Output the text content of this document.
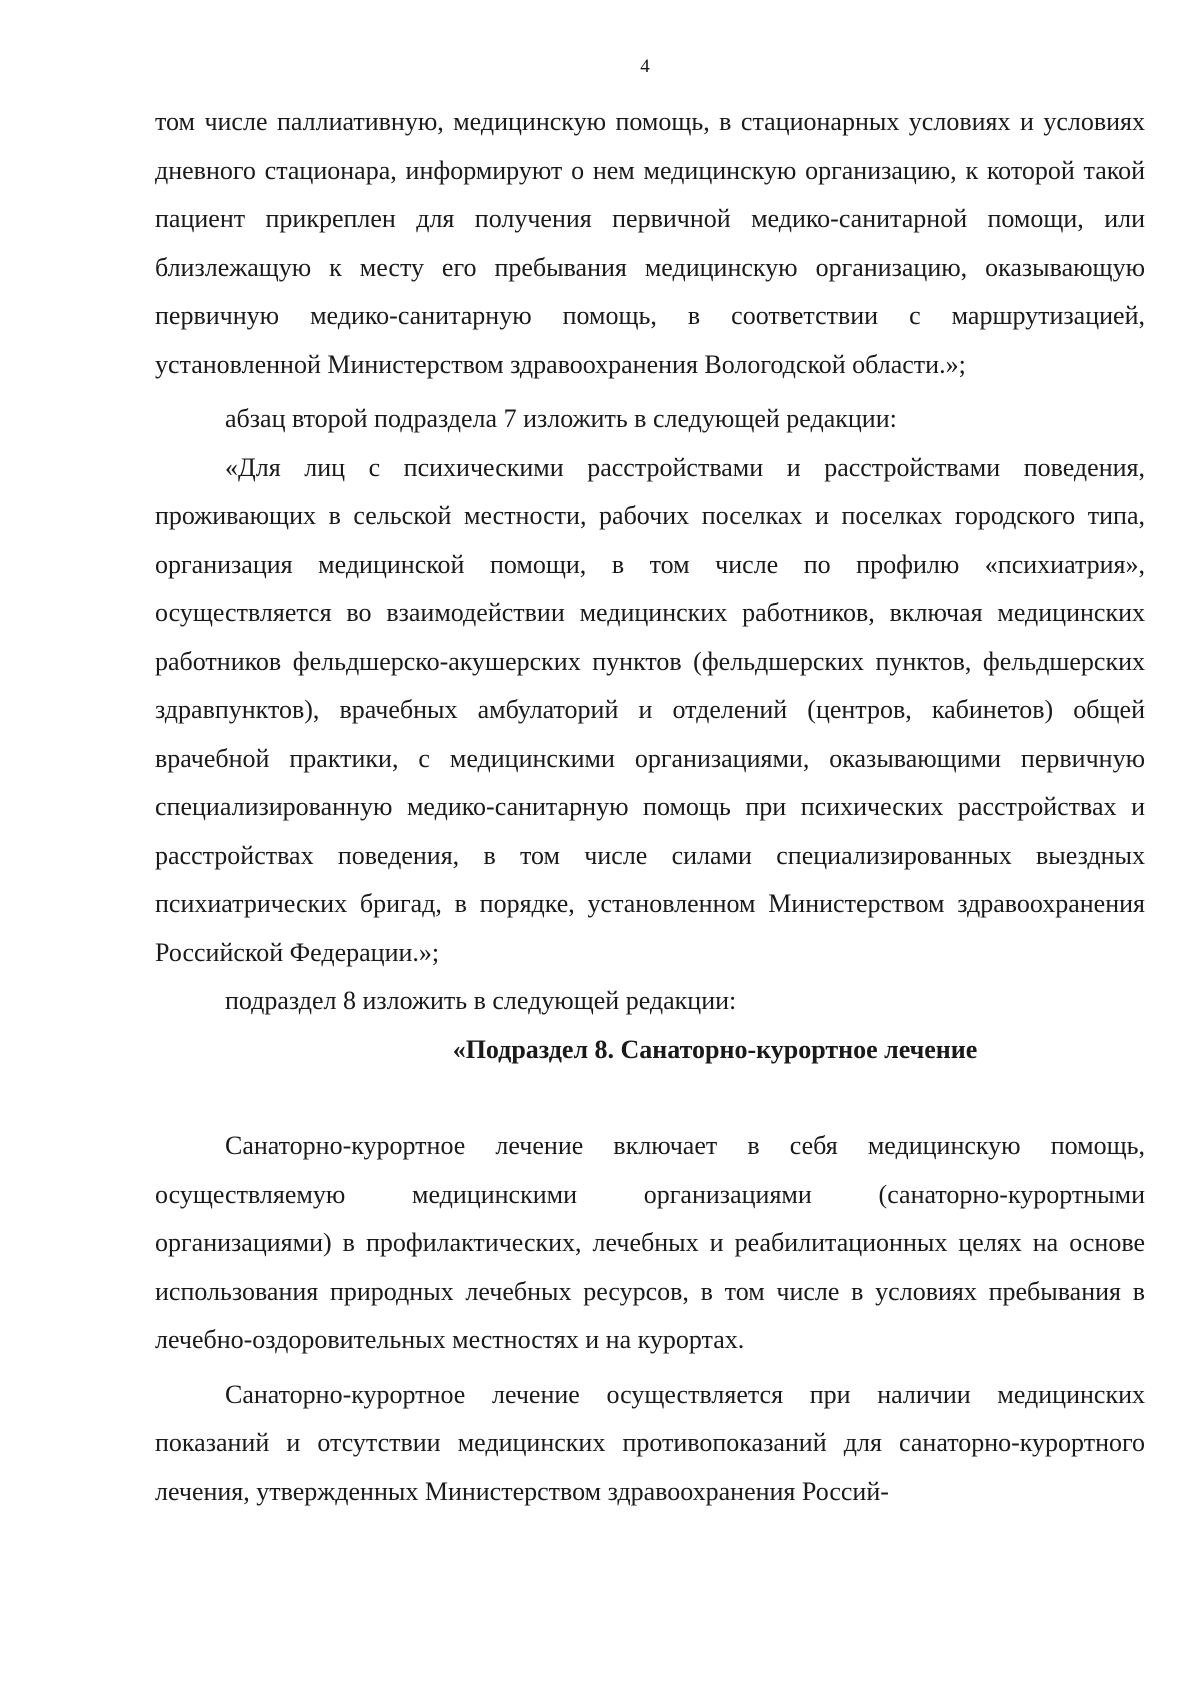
4

том числе паллиативную, медицинскую помощь, в стационарных условиях и условиях дневного стационара, информируют о нем медицинскую организацию, к которой такой пациент прикреплен для получения первичной медико-санитарной помощи, или близлежащую к месту его пребывания медицинскую организацию, оказывающую первичную медико-санитарную помощь, в соответствии с маршрутизацией, установленной Министерством здравоохранения Вологодской области.»;

абзац второй подраздела 7 изложить в следующей редакции:

«Для лиц с психическими расстройствами и расстройствами поведения, проживающих в сельской местности, рабочих поселках и поселках городского типа, организация медицинской помощи, в том числе по профилю «психиатрия», осуществляется во взаимодействии медицинских работников, включая медицинских работников фельдшерско-акушерских пунктов (фельдшерских пунктов, фельдшерских здравпунктов), врачебных амбулаторий и отделений (центров, кабинетов) общей врачебной практики, с медицинскими организациями, оказывающими первичную специализированную медико-санитарную помощь при психических расстройствах и расстройствах поведения, в том числе силами специализированных выездных психиатрических бригад, в порядке, установленном Министерством здравоохранения Российской Федерации.»;

подраздел 8 изложить в следующей редакции:

«Подраздел 8. Санаторно-курортное лечение

Санаторно-курортное лечение включает в себя медицинскую помощь, осуществляемую медицинскими организациями (санаторно-курортными организациями) в профилактических, лечебных и реабилитационных целях на основе использования природных лечебных ресурсов, в том числе в условиях пребывания в лечебно-оздоровительных местностях и на курортах.

Санаторно-курортное лечение осуществляется при наличии медицинских показаний и отсутствии медицинских противопоказаний для санаторно-курортного лечения, утвержденных Министерством здравоохранения Россий-
